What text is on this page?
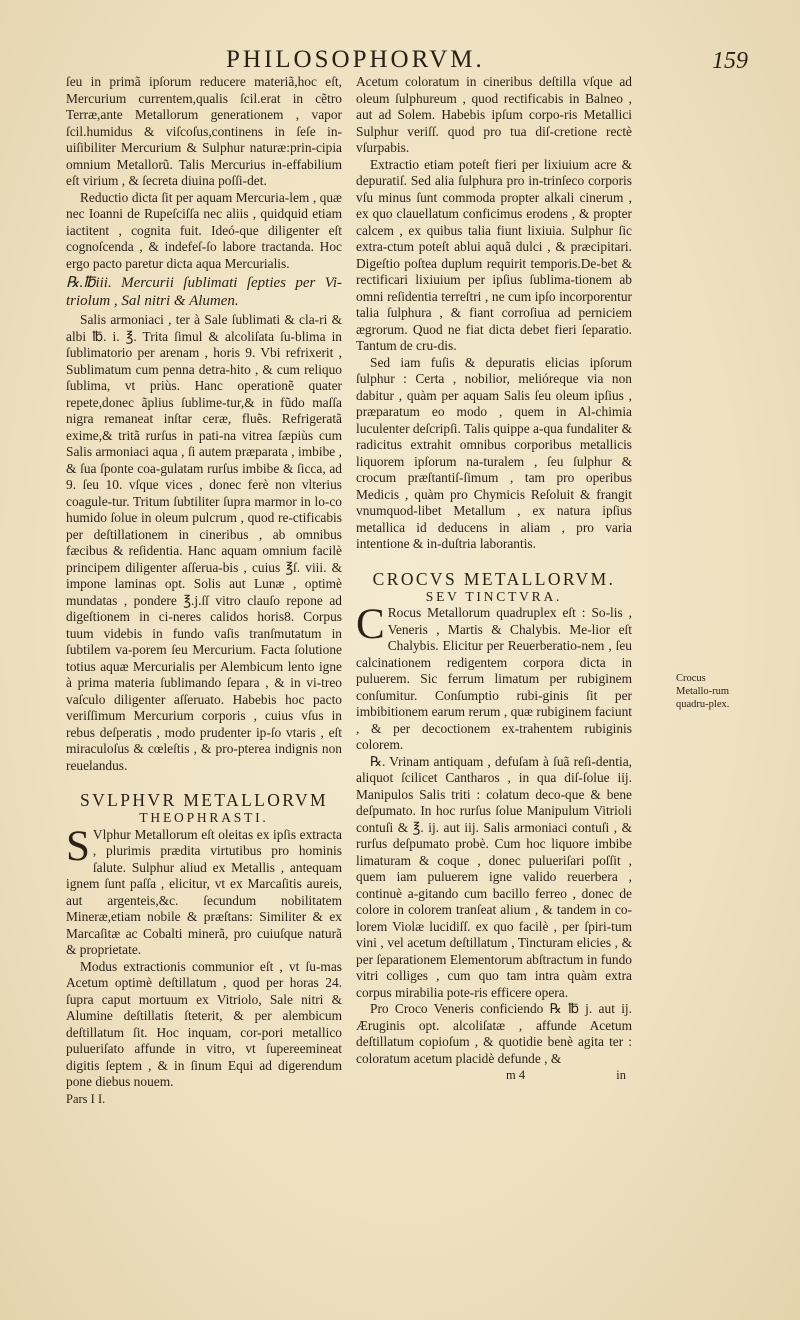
PHILOSOPHORVM.	159

ſeu in primã ipſorum reducere materiã,hoc eſt, Mercurium currentem,qualis ſcil.erat in cẽtro Terræ,ante Metallorum generationem , vapor ſcil.humidus & viſcoſus,continens in ſeſe in-uiſibiliter Mercurium & Sulphur naturæ:prin-cipia omnium Metallorũ. Talis Mercurius in-effabilium eſt virium , & ſecreta diuina poſſi-det.

Reductio dicta ſit per aquam Mercuria-lem , quæ nec Ioanni de Rupeſciſſa nec aliis , quidquid etiam iactitent , cognita fuit. Ideó-que diligenter eſt cognoſcenda , & indefeſ-ſo labore tractanda. Hoc ergo pacto paretur dicta aqua Mercurialis.

℞.℔iii. Mercurii ſublimati ſepties per Vi-triolum , Sal nitri & Alumen.

Salis armoniaci , ter à Sale ſublimati & cla-ri & albi ℔. i. ℥. Trita ſimul & alcoliſata ſu-blima in ſublimatorio per arenam , horis 9. Vbi refrixerit , Sublimatum cum penna detra-hito , & cum reliquo ſublima, vt priùs. Hanc operationẽ quater repete,donec ãplius ſublime-tur,& in fũdo maſſa nigra remaneat inſtar ceræ, fluẽs. Refrigeratã exime,& tritã rurſus in pati-na vitrea ſæpiùs cum Salis armoniaci aqua , ſi autem præparata , imbibe , & ſua ſponte coa-gulatam rurſus imbibe & ſicca, ad 9. ſeu 10. vſque vices , donec ferè non vlterius coagule-tur. Tritum ſubtiliter ſupra marmor in lo-co humido ſolue in oleum pulcrum , quod re-ctificabis per deſtillationem in cineribus , ab omnibus fæcibus & reſidentia. Hanc aquam omnium facilè principem diligenter aſſerua-bis , cuius ℥ſ. viii. & impone laminas opt. Solis aut Lunæ , optimè mundatas , pondere ℥.j.ſſ vitro clauſo repone ad digeſtionem in ci-neres calidos horis8. Corpus tuum videbis in fundo vaſis tranſmutatum in ſubtilem va-porem ſeu Mercurium. Facta ſolutione totius aquæ Mercurialis per Alembicum lento igne à prima materia ſublimando ſepara , & in vi-treo vaſculo diligenter aſſeruato. Habebis hoc pacto veriſſimum Mercurium corporis , cuius vſus in rebus deſperatis , modo prudenter ip-ſo vtaris , eſt miraculoſus & cœleſtis , & pro-pterea indignis non reuelandus.

SVLPHVR METALLORVM

THEOPHRASTI.

S Vlphur Metallorum eſt oleitas ex ipſis extracta , plurimis prædita virtutibus pro hominis ſalute. Sulphur aliud ex Metallis , antequam ignem ſunt paſſa , elicitur, vt ex Marcaſitis aureis, aut argenteis,&c. ſecundum nobilitatem Mineræ,etiam nobile & præſtans: Similiter & ex Marcaſitæ ac Cobalti minerã, pro cuiuſque naturã & proprietate.

Modus extractionis communior eſt , vt ſu-mas Acetum optimè deſtillatum , quod per horas 24. ſupra caput mortuum ex Vitriolo, Sale nitri & Alumine deſtillatis ſteterit, & per alembicum deſtillatum ſit. Hoc inquam, cor-pori metallico pulueriſato affunde in vitro, vt ſupereemineat digitis ſeptem , & in ſinum Equi ad digerendum pone diebus nouem.

Pars I I.

Acetum coloratum in cineribus deſtilla vſque ad oleum ſulphureum , quod rectificabis in Balneo , aut ad Solem. Habebis ipſum corpo-ris Metallici Sulphur veriſſ. quod pro tua diſ-cretione rectè vſurpabis.

Extractio etiam poteſt fieri per lixiuium acre & depuratiſ. Sed alia ſulphura pro in-trinſeco corporis vſu minus ſunt commoda propter alkali cinerum , ex quo clauellatum conficimus erodens , & propter calcem , ex quibus talia fiunt lixiuia. Sulphur ſic extra-ctum poteſt ablui aquã dulci , & præcipitari. Digeſtio poſtea duplum requirit temporis.De-bet & rectificari lixiuium per ipſius ſublima-tionem ab omni reſidentia terreſtri , ne cum ipſo incorporentur talia ſulphura , & fiant corroſiua ad perniciem ægrorum. Quod ne fiat dicta debet fieri ſeparatio. Tantum de cru-dis.

Sed iam fuſis & depuratis elicias ipſorum ſulphur : Certa , nobilior, melióreque via non dabitur , quàm per aquam Salis ſeu oleum ipſius , præparatum eo modo , quem in Al-chimia luculenter deſcripſi. Talis quippe a-qua fundaliter & radicitus extrahit omnibus corporibus metallicis liquorem ipſorum na-turalem , ſeu ſulphur & crocum præſtantiſ-ſimum , tam pro operibus Medicis , quàm pro Chymicis Reſoluit & frangit vnumquod-libet Metallum , ex natura ipſius metallica id deducens in aliam , pro varia intentione & in-duſtria laborantis.

CROCVS METALLORVM.

SEV TINCTVRA.

C Rocus Metallorum quadruplex eſt : So-lis , Veneris , Martis & Chalybis. Me-lior eſt Chalybis. Elicitur per Reuerberatio-nem , ſeu calcinationem redigentem corpora dicta in puluerem. Sic ferrum limatum per rubiginem conſumitur. Conſumptio rubi-ginis ſit per imbibitionem earum rerum , quæ rubiginem faciunt , & per decoctionem ex-trahentem rubiginis colorem.

℞. Vrinam antiquam , defuſam à ſuã reſi-dentia, aliquot ſcilicet Cantharos , in qua diſ-ſolue iij. Manipulos Salis triti : colatum deco-que & bene deſpumato. In hoc rurſus ſolue Manipulum Vitrioli contuſi & ℥. ij. aut iij. Salis armoniaci contuſi , & rurſus deſpumato probè. Cum hoc liquore imbibe limaturam & coque , donec pulueriſari poſſit , quem iam puluerem igne valido reuerbera , continuè a-gitando cum bacillo ferreo , donec de colore in colorem tranſeat alium , & tandem in co-lorem Violæ lucidiſſ. ex quo facilè , per ſpiri-tum vini , vel acetum deſtillatum , Tincturam elicies , & per ſeparationem Elementorum abſtractum in fundo vitri colliges , cum quo tam intra quàm extra corpus mirabilia pote-ris efficere opera.

Pro Croco Veneris conficiendo ℞ ℔ j. aut ij. Æruginis opt. alcoliſatæ , affunde Acetum deſtillatum copioſum , & quotidie benè agita ter : coloratum acetum placidè defunde , &

m 4	in

Crocus Metallo-rum quadru-plex.
